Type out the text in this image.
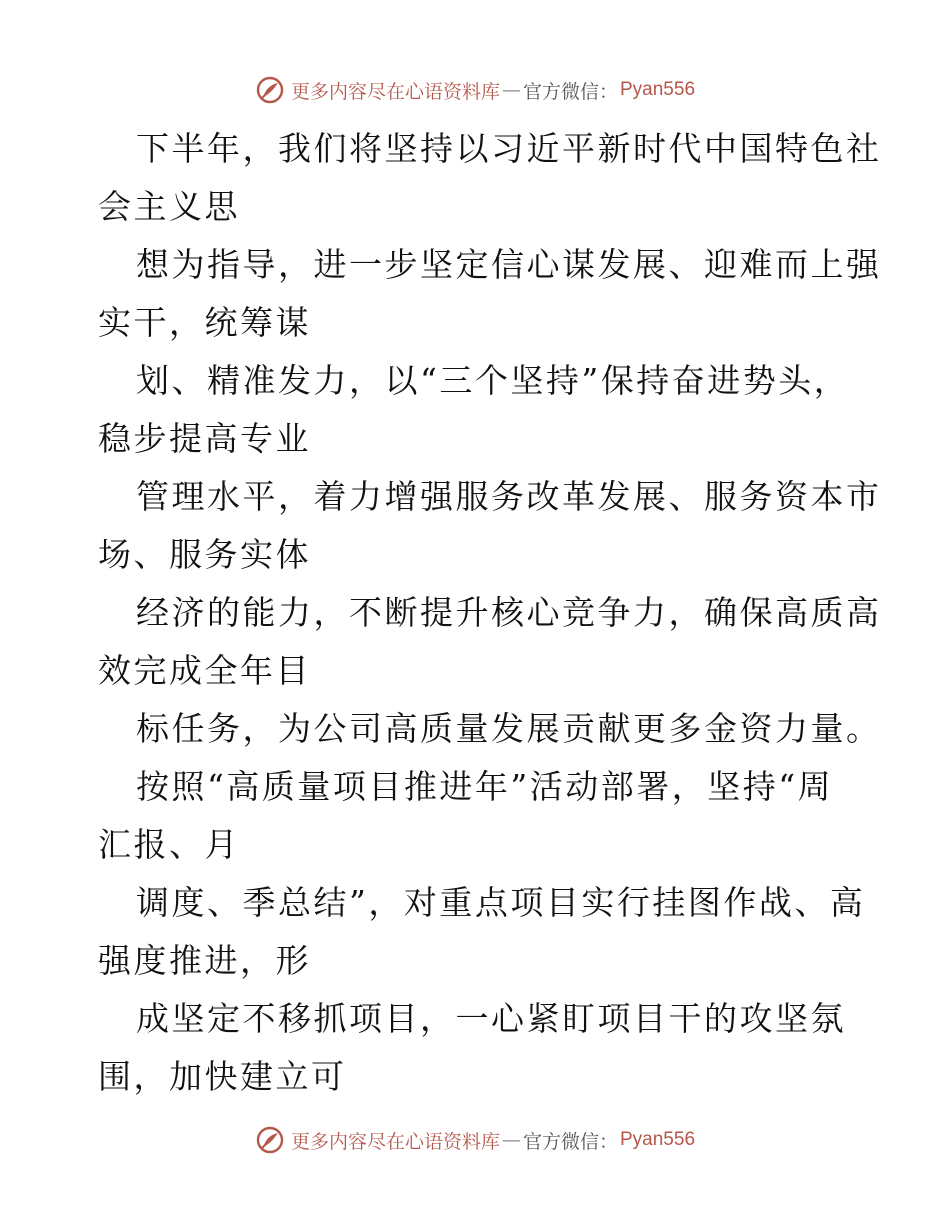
更多内容尽在心语资料库 — 官方微信： Pyan556
下半年，我们将坚持以习近平新时代中国特色社
会主义思
想为指导，进一步坚定信心谋发展、迎难而上强
实干，统筹谋
划、精准发力，以“三个坚持”保持奋进势头，
稳步提高专业
管理水平，着力增强服务改革发展、服务资本市
场、服务实体
经济的能力，不断提升核心竞争力，确保高质高
效完成全年目
标任务，为公司高质量发展贡献更多金资力量。
按照“高质量项目推进年”活动部署，坚持“周
汇报、月
调度、季总结”，对重点项目实行挂图作战、高
强度推进，形
成坚定不移抓项目，一心紧盯项目干的攻坚氛
围，加快建立可
更多内容尽在心语资料库 — 官方微信： Pyan556
